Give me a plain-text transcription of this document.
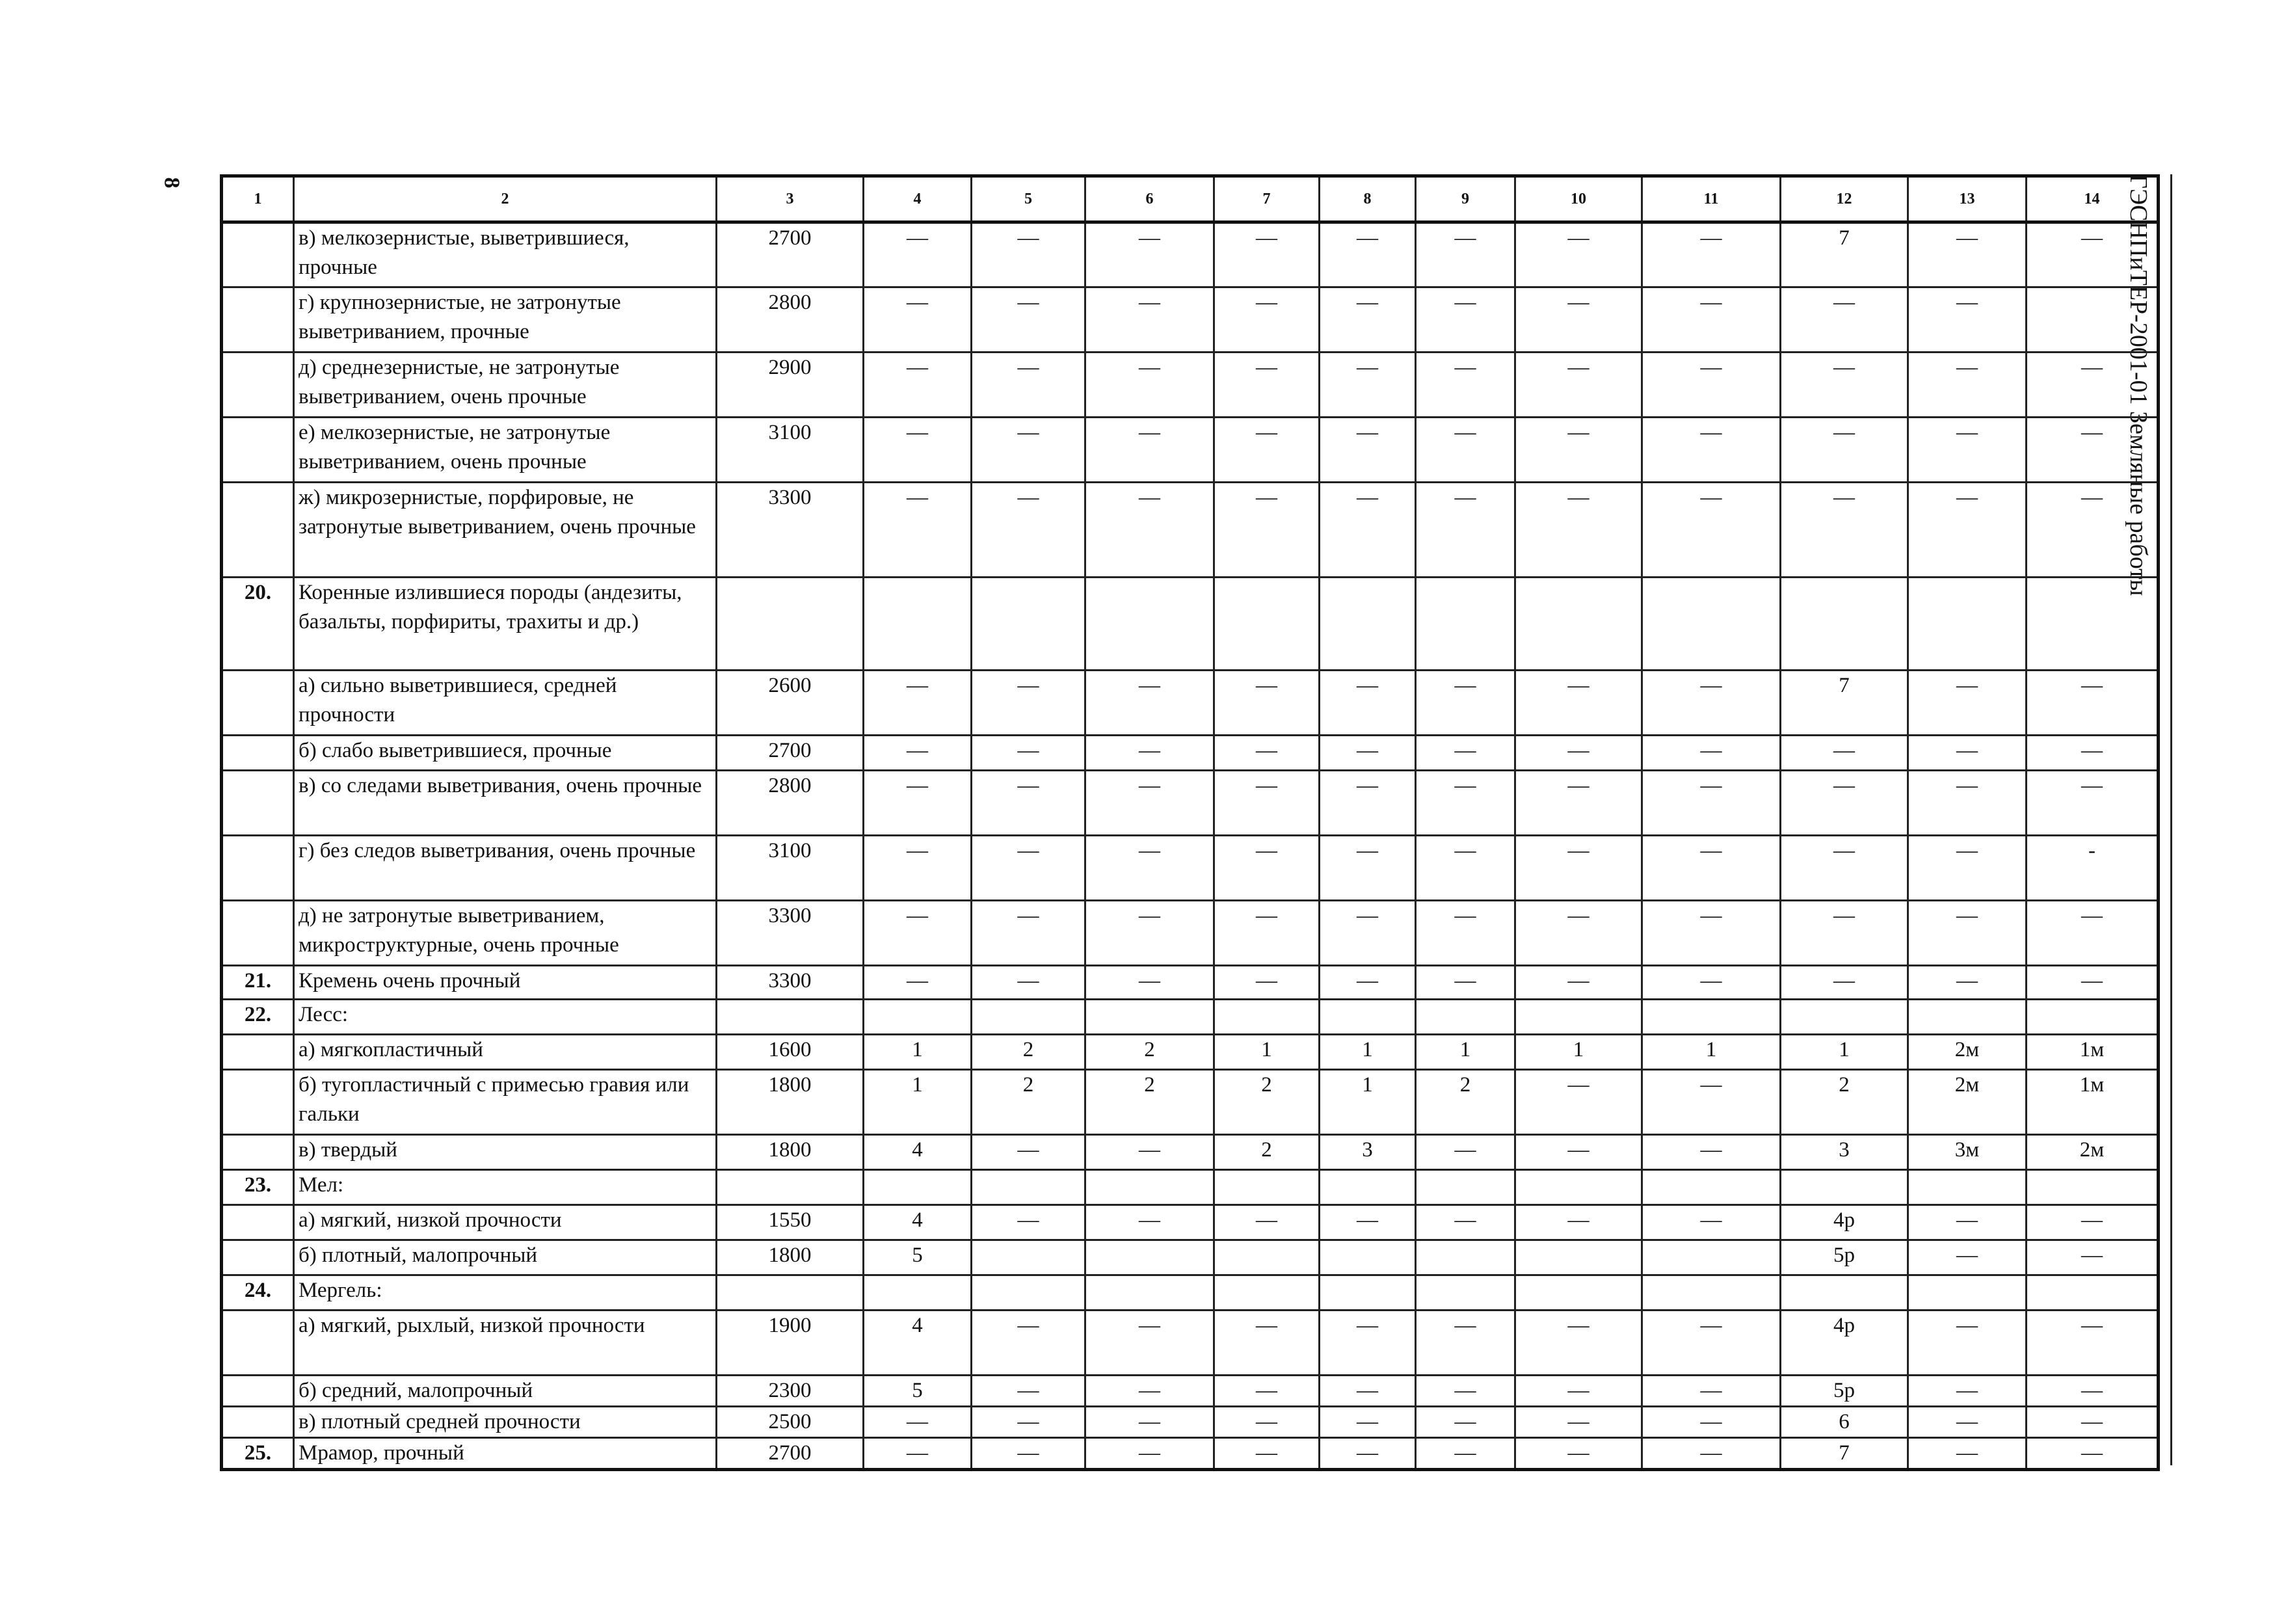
8	ГЭСНПиТЕР-2001-01 Земляные работы
1	2	3	4	5	6	7	8	9	10	11	12	13	14
	в) мелкозернистые, выветрившиеся, прочные	2700	—	—	—	—	—	—	—	—	7	—	—
	г) крупнозернистые, не затронутые выветриванием, прочные	2800	—	—	—	—	—	—	—	—	—	—	
	д) среднезернистые, не затронутые выветриванием, очень прочные	2900	—	—	—	—	—	—	—	—	—	—	—
	е) мелкозернистые, не затронутые выветриванием, очень прочные	3100	—	—	—	—	—	—	—	—	—	—	—
	ж) микрозернистые, порфировые, не затронутые выветриванием, очень прочные	3300	—	—	—	—	—	—	—	—	—	—	—
20.	Коренные излившиеся породы (андезиты, базальты, порфириты, трахиты и др.)												
	а) сильно выветрившиеся, средней прочности	2600	—	—	—	—	—	—	—	—	7	—	—
	б) слабо выветрившиеся, прочные	2700	—	—	—	—	—	—	—	—	—	—	—
	в) со следами выветривания, очень прочные	2800	—	—	—	—	—	—	—	—	—	—	—
	г) без следов выветривания, очень прочные	3100	—	—	—	—	—	—	—	—	—	—	-
	д) не затронутые выветриванием, микроструктурные, очень прочные	3300	—	—	—	—	—	—	—	—	—	—	—
21.	Кремень очень прочный	3300	—	—	—	—	—	—	—	—	—	—	—
22.	Лесс:												
	а) мягкопластичный	1600	1	2	2	1	1	1	1	1	1	2м	1м
	б) тугопластичный с примесью гравия или гальки	1800	1	2	2	2	1	2	—	—	2	2м	1м
	в) твердый	1800	4	—	—	2	3	—	—	—	3	3м	2м
23.	Мел:												
	а) мягкий, низкой прочности	1550	4	—	—	—	—	—	—	—	4р	—	—
	б) плотный, малопрочный	1800	5								5р	—	—
24.	Мергель:												
	а) мягкий, рыхлый, низкой прочности	1900	4	—	—	—	—	—	—	—	4р	—	—
	б) средний, малопрочный	2300	5	—	—	—	—	—	—	—	5р	—	—
	в) плотный средней прочности	2500	—	—	—	—	—	—	—	—	6	—	—
25.	Мрамор, прочный	2700	—	—	—	—	—	—	—	—	7	—	—
